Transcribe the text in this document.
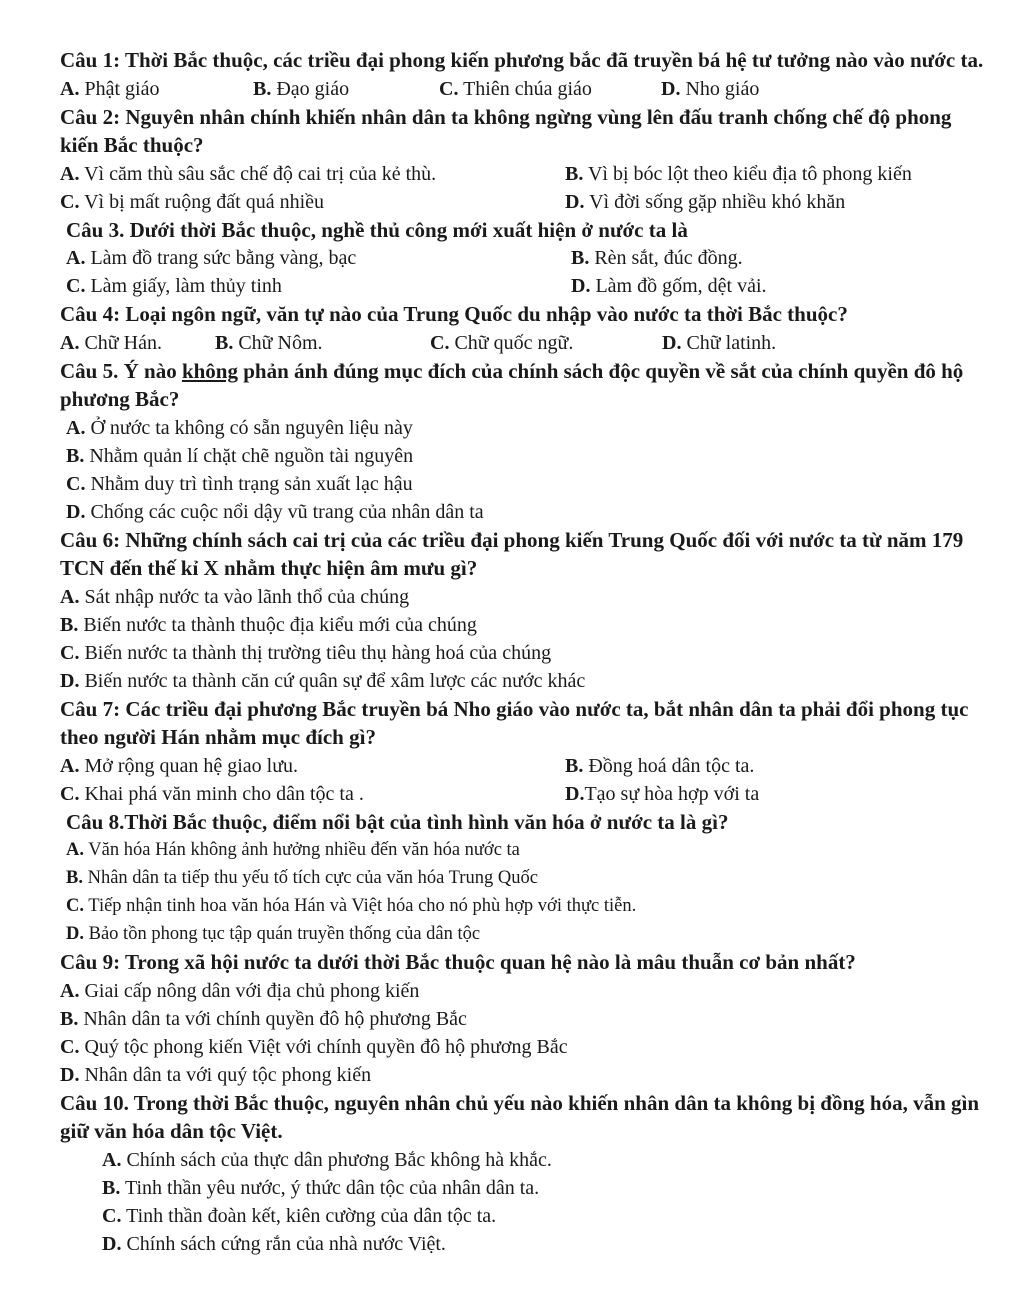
Câu 1: Thời Bắc thuộc, các triều đại phong kiến phương bắc đã truyền bá hệ tư tưởng nào vào nước ta.

A. Phật giáo	B. Đạo giáo	C. Thiên chúa giáo	D. Nho giáo

Câu 2: Nguyên nhân chính khiến nhân dân ta không ngừng vùng lên đấu tranh chống chế độ phong kiến Bắc thuộc?

A. Vì căm thù sâu sắc chế độ cai trị của kẻ thù.	B. Vì bị bóc lột theo kiểu địa tô phong kiến
C. Vì bị mất ruộng đất quá nhiều	D. Vì đời sống gặp nhiều khó khăn

Câu 3. Dưới thời Bắc thuộc, nghề thủ công mới xuất hiện ở nước ta là

A. Làm đồ trang sức bằng vàng, bạc	B. Rèn sắt, đúc đồng.
C. Làm giấy, làm thủy tinh	D. Làm đồ gốm, dệt vải.

Câu 4: Loại ngôn ngữ, văn tự nào của Trung Quốc du nhập vào nước ta thời Bắc thuộc?

A. Chữ Hán.	B. Chữ Nôm.	C. Chữ quốc ngữ.	D. Chữ latinh.

Câu 5. Ý nào không phản ánh đúng mục đích của chính sách độc quyền về sắt của chính quyền đô hộ phương Bắc?

A. Ở nước ta không có sẵn nguyên liệu này
B. Nhằm quản lí chặt chẽ nguồn tài nguyên
C. Nhằm duy trì tình trạng sản xuất lạc hậu
D. Chống các cuộc nổi dậy vũ trang của nhân dân ta

Câu 6: Những chính sách cai trị của các triều đại phong kiến Trung Quốc đối với nước ta từ năm 179 TCN đến thế kỉ X nhằm thực hiện âm mưu gì?

A. Sát nhập nước ta vào lãnh thổ của chúng
B. Biến nước ta thành thuộc địa kiểu mới của chúng
C. Biến nước ta thành thị trường tiêu thụ hàng hoá của chúng
D. Biến nước ta thành căn cứ quân sự để xâm lược các nước khác

Câu 7: Các triều đại phương Bắc truyền bá Nho giáo vào nước ta, bắt nhân dân ta phải đổi phong tục theo người Hán nhằm mục đích gì?

A. Mở rộng quan hệ giao lưu.	B. Đồng hoá dân tộc ta.
C. Khai phá văn minh cho dân tộc ta .	D.Tạo sự hòa hợp với ta

Câu 8.Thời Bắc thuộc, điểm nổi bật của tình hình văn hóa ở nước ta là gì?

A. Văn hóa Hán không ảnh hưởng nhiều đến văn hóa nước ta
B. Nhân dân ta tiếp thu yếu tố tích cực của văn hóa Trung Quốc
C. Tiếp nhận tinh hoa văn hóa Hán và Việt hóa cho nó phù hợp với thực tiễn.
D. Bảo tồn phong tục tập quán truyền thống của dân tộc

Câu 9: Trong xã hội nước ta dưới thời Bắc thuộc quan hệ nào là mâu thuẫn cơ bản nhất?

A. Giai cấp nông dân với địa chủ phong kiến
B. Nhân dân ta với chính quyền đô hộ phương Bắc
C. Quý tộc phong kiến Việt với chính quyền đô hộ phương Bắc
D. Nhân dân ta với quý tộc phong kiến

Câu 10. Trong thời Bắc thuộc, nguyên nhân chủ yếu nào khiến nhân dân ta không bị đồng hóa, vẫn gìn giữ văn hóa dân tộc Việt.

A. Chính sách của thực dân phương Bắc không hà khắc.
B. Tinh thần yêu nước, ý thức dân tộc của nhân dân ta.
C. Tinh thần đoàn kết, kiên cường của dân tộc ta.
D. Chính sách cứng rắn của nhà nước Việt.
